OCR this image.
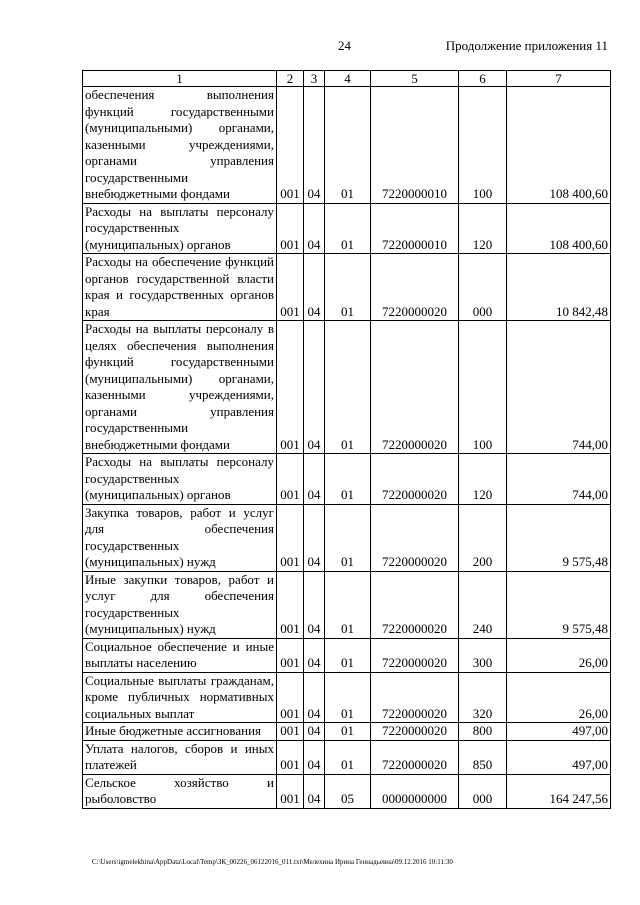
24	Продолжение приложения 11
1	2	3	4	5	6	7
обеспечения выполнения функций государственными (муниципальными) органами, казенными учреждениями, органами управления государственными внебюджетными фондами	001	04	01	7220000010	100	108 400,60
Расходы на выплаты персоналу государственных (муниципальных) органов	001	04	01	7220000010	120	108 400,60
Расходы на обеспечение функций органов государственной власти края и государственных органов края	001	04	01	7220000020	000	10 842,48
Расходы на выплаты персоналу в целях обеспечения выполнения функций государственными (муниципальными) органами, казенными учреждениями, органами управления государственными внебюджетными фондами	001	04	01	7220000020	100	744,00
Расходы на выплаты персоналу государственных (муниципальных) органов	001	04	01	7220000020	120	744,00
Закупка товаров, работ и услуг для обеспечения государственных (муниципальных) нужд	001	04	01	7220000020	200	9 575,48
Иные закупки товаров, работ и услуг для обеспечения государственных (муниципальных) нужд	001	04	01	7220000020	240	9 575,48
Социальное обеспечение и иные выплаты населению	001	04	01	7220000020	300	26,00
Социальные выплаты гражданам, кроме публичных нормативных социальных выплат	001	04	01	7220000020	320	26,00
Иные бюджетные ассигнования	001	04	01	7220000020	800	497,00
Уплата налогов, сборов и иных платежей	001	04	01	7220000020	850	497,00
Сельское хозяйство и рыболовство	001	04	05	0000000000	000	164 247,56
C:\Users\igmelekhina\AppData\Local\Temp\ЗК_00226_06122016_011.txt\Мелехина Ирина Геннадьевна\09.12.2016 10:11:30
